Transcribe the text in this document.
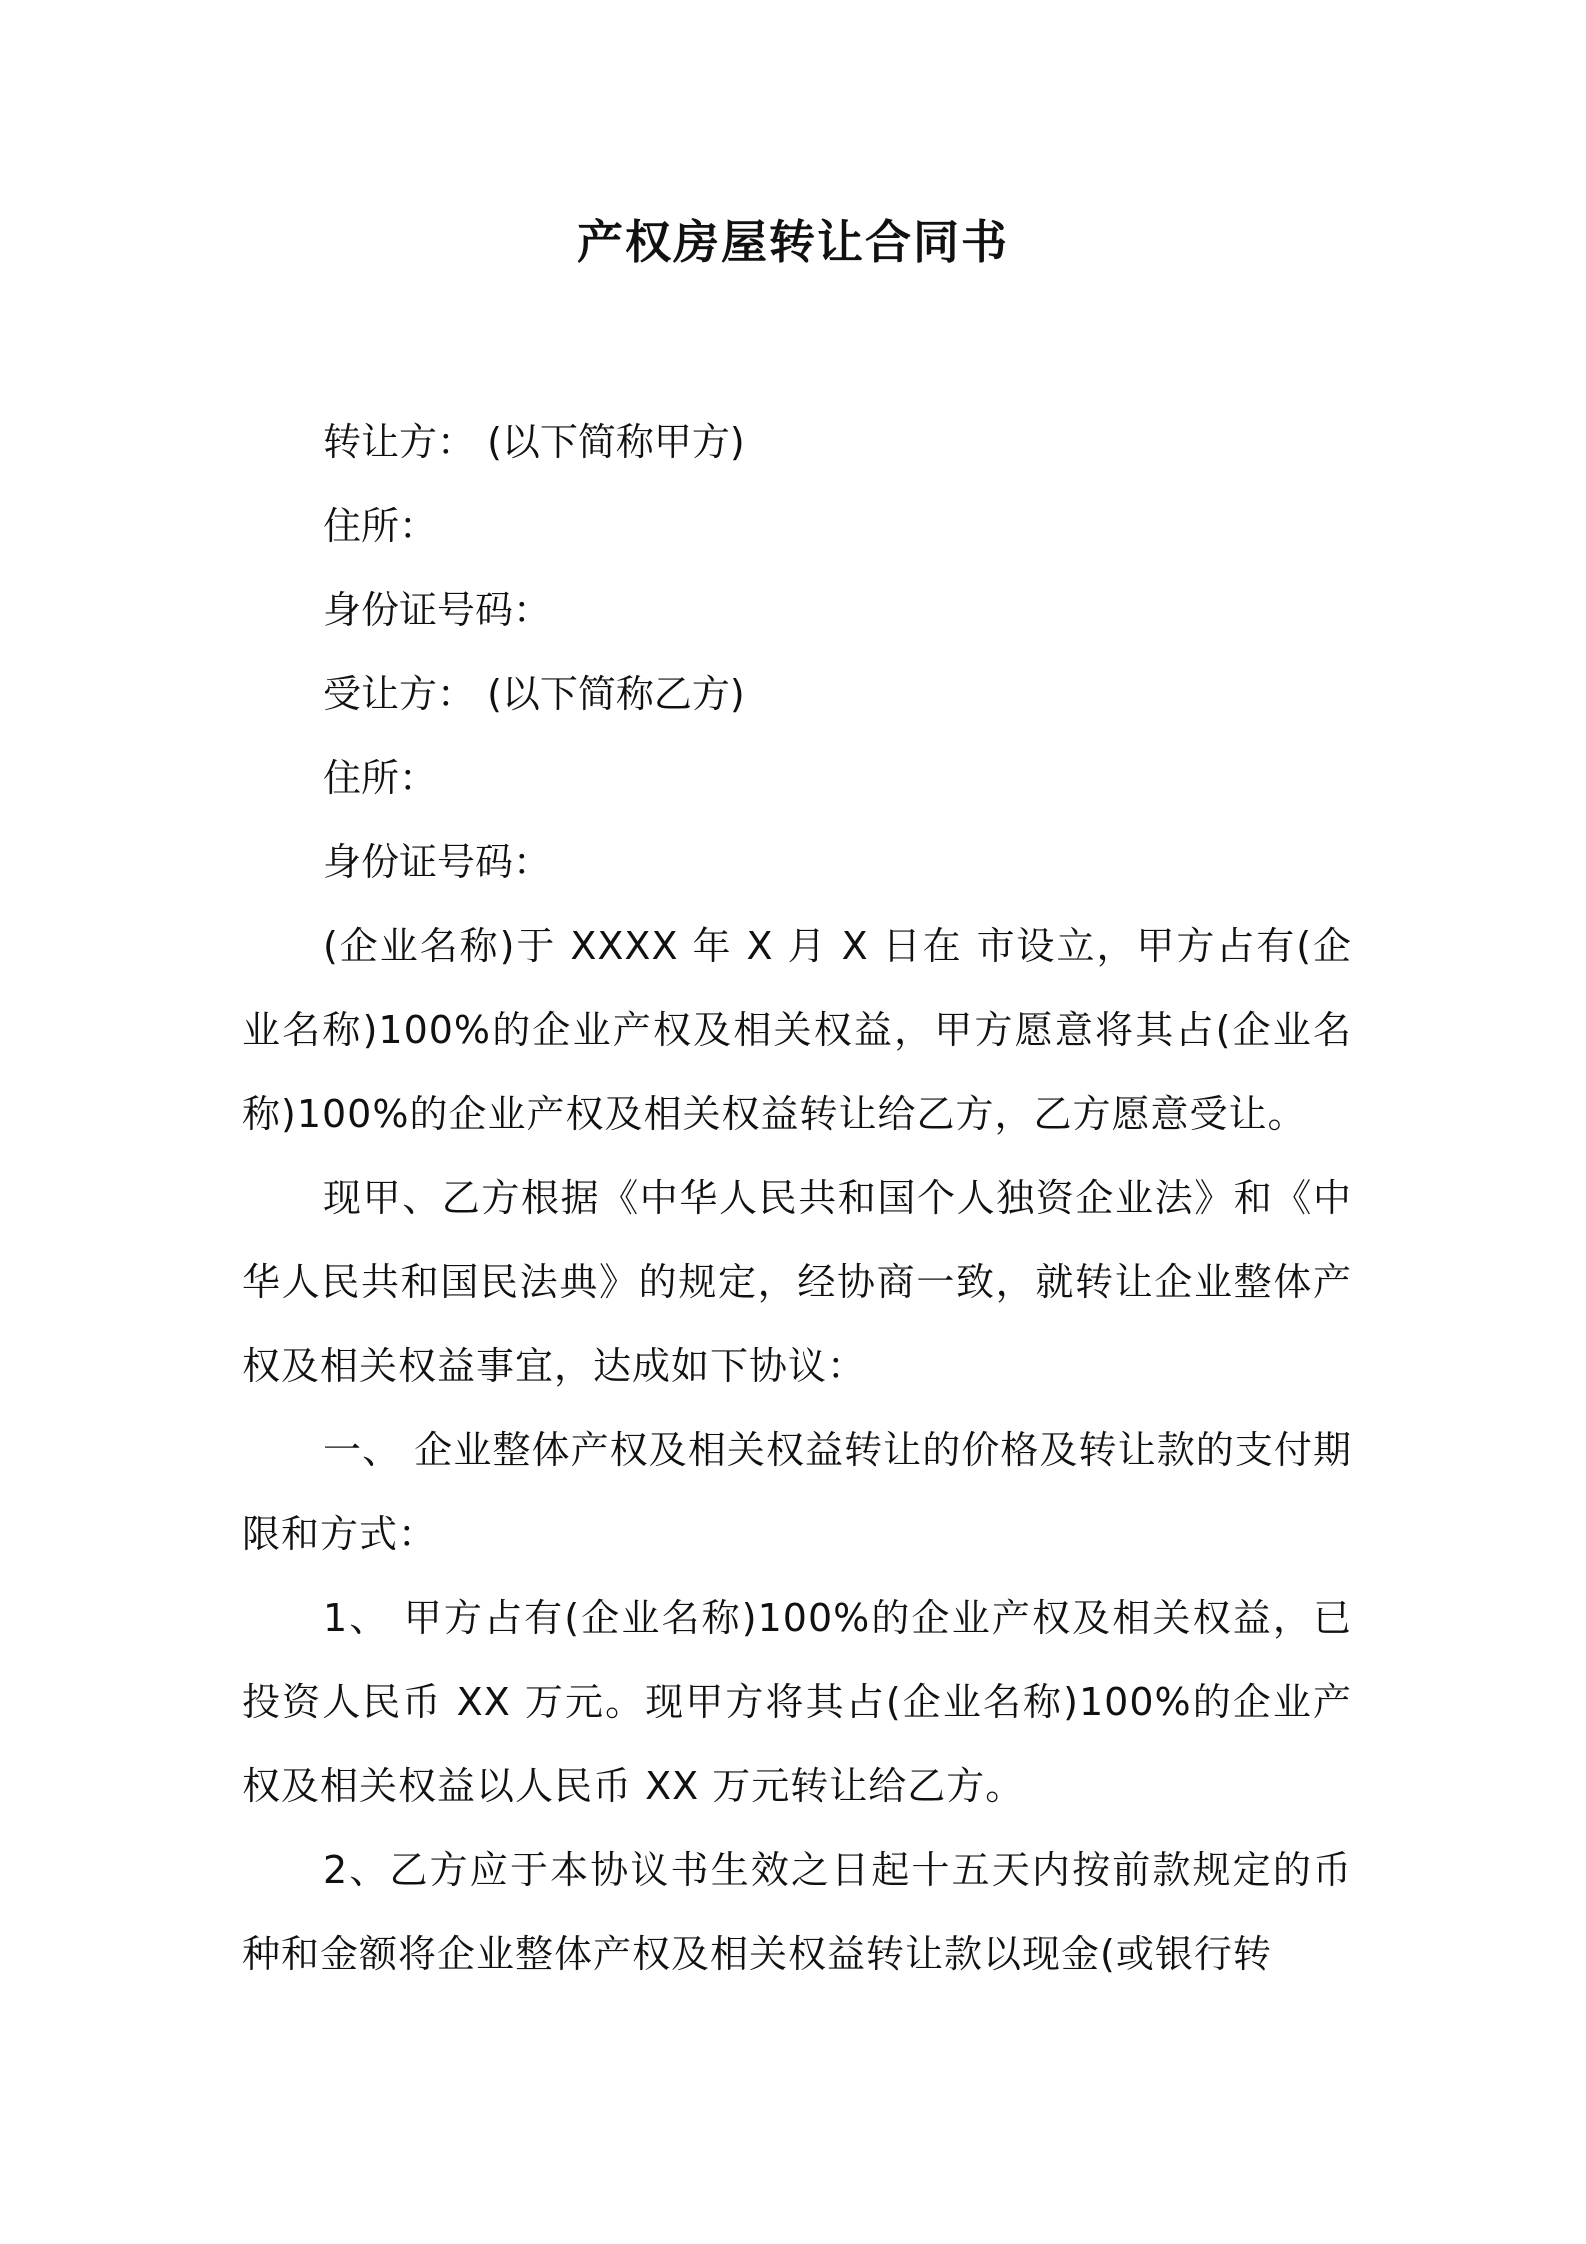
产权房屋转让合同书

转让方： (以下简称甲方)

住所：

身份证号码：

受让方： (以下简称乙方)

住所：

身份证号码：

(企业名称)于 XXXX 年 X 月 X 日在 市设立，甲方占有(企业名称)100%的企业产权及相关权益，甲方愿意将其占(企业名称)100%的企业产权及相关权益转让给乙方，乙方愿意受让。

现甲、乙方根据《中华人民共和国个人独资企业法》和《中华人民共和国民法典》的规定，经协商一致，就转让企业整体产权及相关权益事宜，达成如下协议：

一、 企业整体产权及相关权益转让的价格及转让款的支付期限和方式：

1、 甲方占有(企业名称)100%的企业产权及相关权益，已投资人民币 XX 万元。现甲方将其占(企业名称)100%的企业产权及相关权益以人民币 XX 万元转让给乙方。

2、乙方应于本协议书生效之日起十五天内按前款规定的币种和金额将企业整体产权及相关权益转让款以现金(或银行转
